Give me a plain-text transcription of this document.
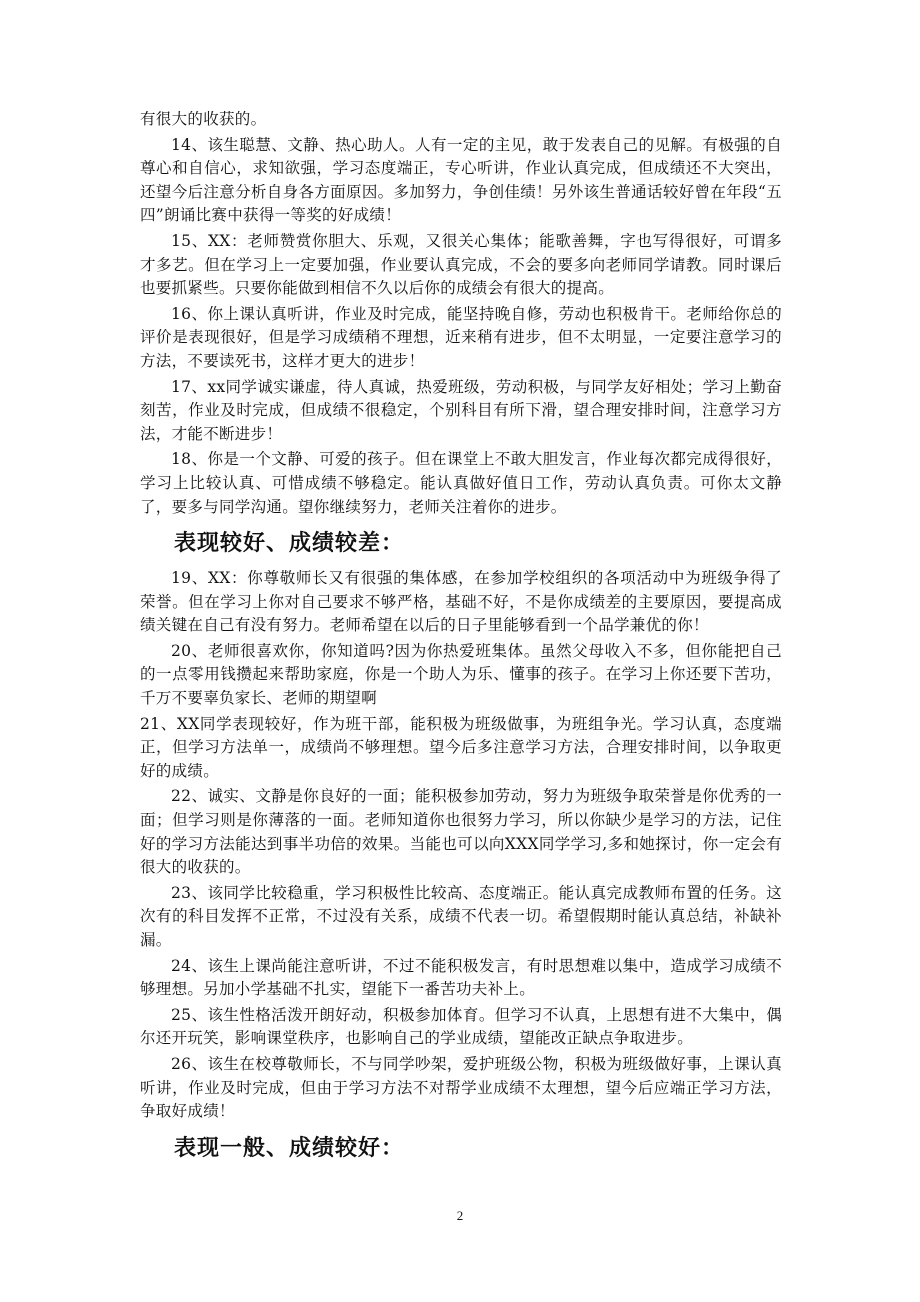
有很大的收获的。

14、该生聪慧、文静、热心助人。人有一定的主见，敢于发表自己的见解。有极强的自尊心和自信心，求知欲强，学习态度端正，专心听讲，作业认真完成，但成绩还不大突出，还望今后注意分析自身各方面原因。多加努力，争创佳绩！另外该生普通话较好曾在年段“五四”朗诵比赛中获得一等奖的好成绩！

15、XX：老师赞赏你胆大、乐观，又很关心集体；能歌善舞，字也写得很好，可谓多才多艺。但在学习上一定要加强，作业要认真完成，不会的要多向老师同学请教。同时课后也要抓紧些。只要你能做到相信不久以后你的成绩会有很大的提高。

16、你上课认真听讲，作业及时完成，能坚持晚自修，劳动也积极肯干。老师给你总的评价是表现很好，但是学习成绩稍不理想，近来稍有进步，但不太明显，一定要注意学习的方法，不要读死书，这样才更大的进步！

17、xx同学诚实谦虚，待人真诚，热爱班级，劳动积极，与同学友好相处；学习上勤奋刻苦，作业及时完成，但成绩不很稳定，个别科目有所下滑，望合理安排时间，注意学习方法，才能不断进步！

18、你是一个文静、可爱的孩子。但在课堂上不敢大胆发言，作业每次都完成得很好，学习上比较认真、可惜成绩不够稳定。能认真做好值日工作，劳动认真负责。可你太文静了，要多与同学沟通。望你继续努力，老师关注着你的进步。

表现较好、成绩较差：

19、XX：你尊敬师长又有很强的集体感，在参加学校组织的各项活动中为班级争得了荣誉。但在学习上你对自己要求不够严格，基础不好，不是你成绩差的主要原因，要提高成绩关键在自己有没有努力。老师希望在以后的日子里能够看到一个品学兼优的你！

20、老师很喜欢你，你知道吗?因为你热爱班集体。虽然父母收入不多，但你能把自己的一点零用钱攒起来帮助家庭，你是一个助人为乐、懂事的孩子。在学习上你还要下苦功，千万不要辜负家长、老师的期望啊

21、XX同学表现较好，作为班干部，能积极为班级做事，为班组争光。学习认真，态度端正，但学习方法单一，成绩尚不够理想。望今后多注意学习方法，合理安排时间，以争取更好的成绩。

22、诚实、文静是你良好的一面；能积极参加劳动，努力为班级争取荣誉是你优秀的一面；但学习则是你薄落的一面。老师知道你也很努力学习，所以你缺少是学习的方法，记住好的学习方法能达到事半功倍的效果。当能也可以向XXX同学学习,多和她探讨，你一定会有很大的收获的。

23、该同学比较稳重，学习积极性比较高、态度端正。能认真完成教师布置的任务。这次有的科目发挥不正常，不过没有关系，成绩不代表一切。希望假期时能认真总结，补缺补漏。

24、该生上课尚能注意听讲，不过不能积极发言，有时思想难以集中，造成学习成绩不够理想。另加小学基础不扎实，望能下一番苦功夫补上。

25、该生性格活泼开朗好动，积极参加体育。但学习不认真，上思想有进不大集中，偶尔还开玩笑，影响课堂秩序，也影响自己的学业成绩，望能改正缺点争取进步。

26、该生在校尊敬师长，不与同学吵架，爱护班级公物，积极为班级做好事，上课认真听讲，作业及时完成，但由于学习方法不对帮学业成绩不太理想，望今后应端正学习方法，争取好成绩！

表现一般、成绩较好：
2
